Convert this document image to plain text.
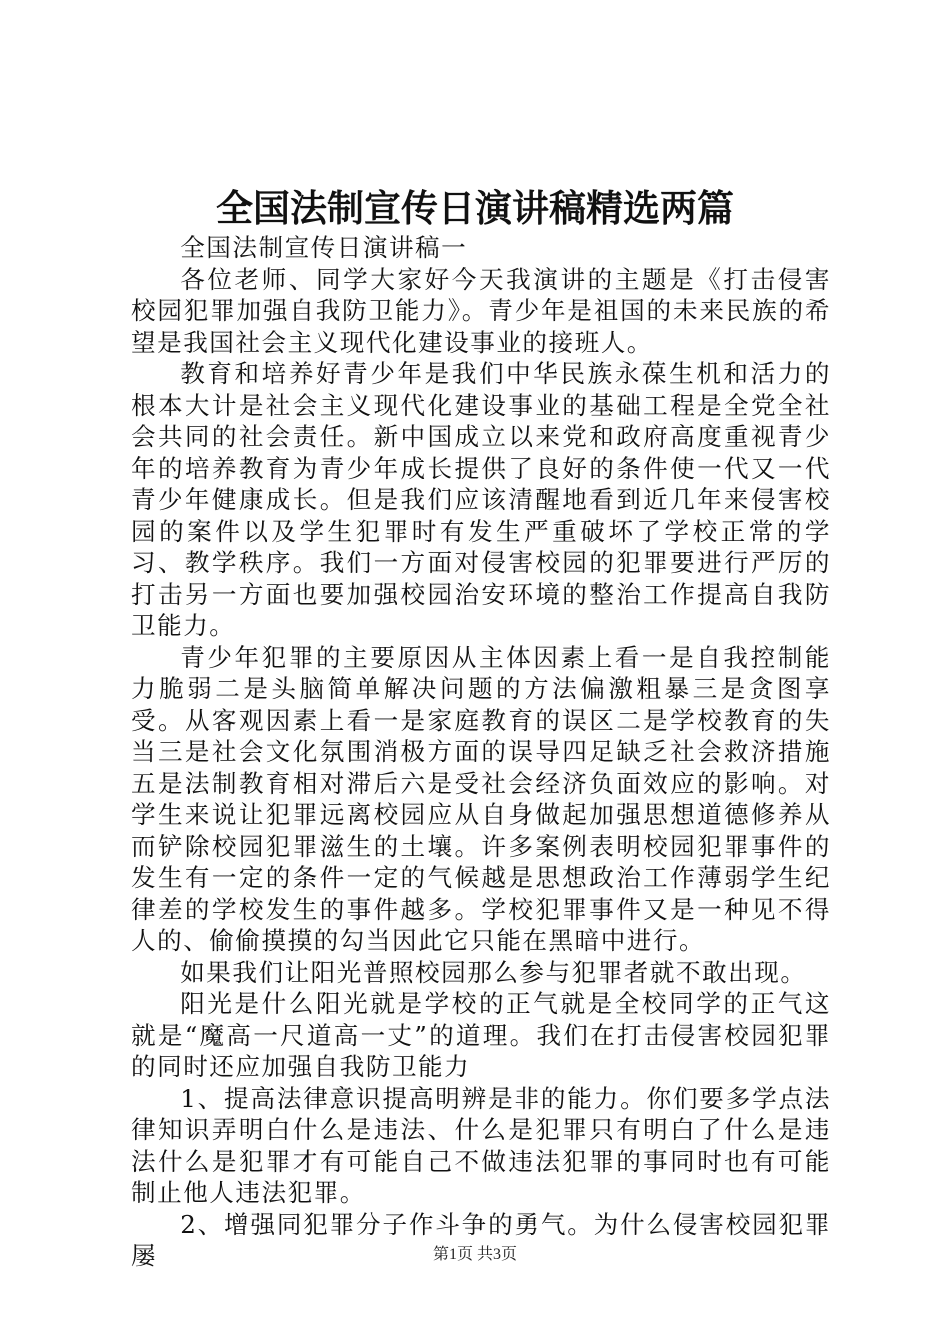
全国法制宣传日演讲稿精选两篇

全国法制宣传日演讲稿一

各位老师、同学大家好今天我演讲的主题是《打击侵害校园犯罪加强自我防卫能力》。青少年是祖国的未来民族的希望是我国社会主义现代化建设事业的接班人。

教育和培养好青少年是我们中华民族永葆生机和活力的根本大计是社会主义现代化建设事业的基础工程是全党全社会共同的社会责任。新中国成立以来党和政府高度重视青少年的培养教育为青少年成长提供了良好的条件使一代又一代青少年健康成长。但是我们应该清醒地看到近几年来侵害校园的案件以及学生犯罪时有发生严重破坏了学校正常的学习、教学秩序。我们一方面对侵害校园的犯罪要进行严厉的打击另一方面也要加强校园治安环境的整治工作提高自我防卫能力。

青少年犯罪的主要原因从主体因素上看一是自我控制能力脆弱二是头脑简单解决问题的方法偏激粗暴三是贪图享受。从客观因素上看一是家庭教育的误区二是学校教育的失当三是社会文化氛围消极方面的误导四足缺乏社会救济措施五是法制教育相对滞后六是受社会经济负面效应的影响。对学生来说让犯罪远离校园应从自身做起加强思想道德修养从而铲除校园犯罪滋生的土壤。许多案例表明校园犯罪事件的发生有一定的条件一定的气候越是思想政治工作薄弱学生纪律差的学校发生的事件越多。学校犯罪事件又是一种见不得人的、偷偷摸摸的勾当因此它只能在黑暗中进行。

如果我们让阳光普照校园那么参与犯罪者就不敢出现。

阳光是什么阳光就是学校的正气就是全校同学的正气这就是“魔高一尺道高一丈”的道理。我们在打击侵害校园犯罪的同时还应加强自我防卫能力

1、提高法律意识提高明辨是非的能力。你们要多学点法律知识弄明白什么是违法、什么是犯罪只有明白了什么是违法什么是犯罪才有可能自己不做违法犯罪的事同时也有可能制止他人违法犯罪。

2、增强同犯罪分子作斗争的勇气。为什么侵害校园犯罪屡	第1页 共3页
